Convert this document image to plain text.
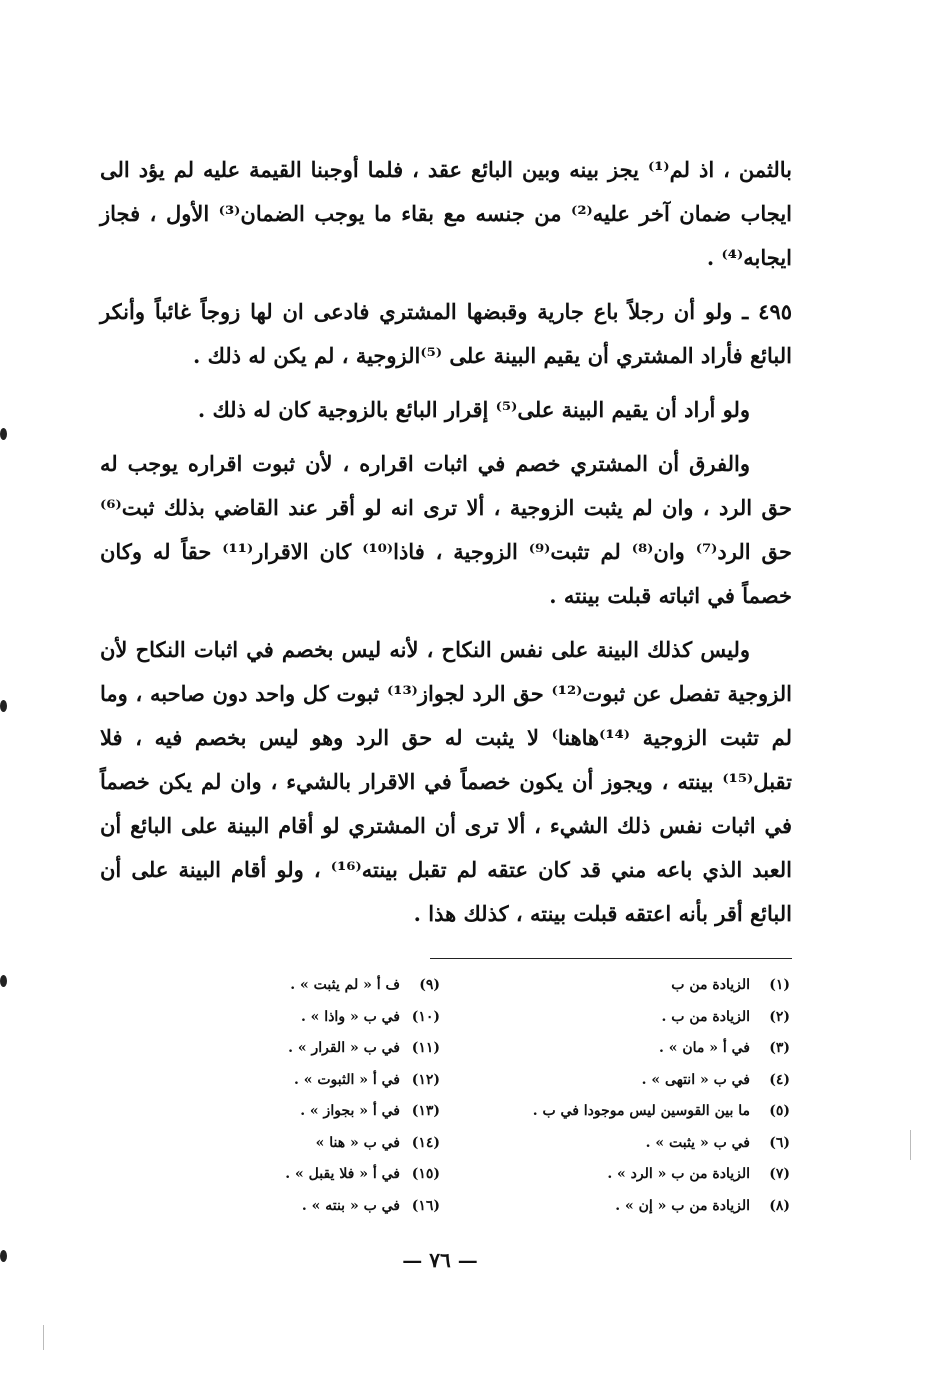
بالثمن ، اذ لم⁽¹⁾ يجز بينه وبين البائع عقد ، فلما أوجبنا القيمة عليه لم يؤد الى ايجاب ضمان آخر عليه⁽²⁾ من جنسه مع بقاء ما يوجب الضمان⁽³⁾ الأول ، فجاز ايجابه⁽⁴⁾ .

٤٩٥ ـ ولو أن رجلاً باع جارية وقبضها المشتري فادعى ان لها زوجاً غائباً وأنكر البائع فأراد المشتري أن يقيم البينة على ⁽⁵⁾الزوجية ، لم يكن له ذلك .

ولو أراد أن يقيم البينة على⁽⁵⁾ إقرار البائع بالزوجية كان له ذلك .

والفرق أن المشتري خصم في اثبات اقراره ، لأن ثبوت اقراره يوجب له حق الرد ، وان لم يثبت الزوجية ، ألا ترى انه لو أقر عند القاضي بذلك ثبت⁽⁶⁾ حق الرد⁽⁷⁾ وان⁽⁸⁾ لم تثبت⁽⁹⁾ الزوجية ، فاذا⁽¹⁰⁾ كان الاقرار⁽¹¹⁾ حقاً له وكان خصماً في اثباته قبلت بينته .

وليس كذلك البينة على نفس النكاح ، لأنه ليس بخصم في اثبات النكاح لأن الزوجية تفصل عن ثبوت⁽¹²⁾ حق الرد لجواز⁽¹³⁾ ثبوت كل واحد دون صاحبه ، وما لم تثبت الزوجية ⁽¹⁴⁾هاهنا⁾ لا يثبت له حق الرد وهو ليس بخصم فيه ، فلا تقبل⁽¹⁵⁾ بينته ، ويجوز أن يكون خصماً في الاقرار بالشيء ، وان لم يكن خصماً في اثبات نفس ذلك الشيء ، ألا ترى أن المشتري لو أقام البينة على البائع أن العبد الذي باعه مني قد كان عتقه لم تقبل بينته⁽¹⁶⁾ ، ولو أقام البينة على أن البائع أقر بأنه اعتقه قبلت بينته ، كذلك هذا .

(١)الزيادة من ب
(٢)الزيادة من ب .
(٣)في أ « مان » .
(٤)في ب « انتهى » .
(٥)ما بين القوسين ليس موجودا في ب .
(٦)في ب « يثبت » .
(٧)الزيادة من ب « الرد » .
(٨)الزيادة من ب « إن » .
(٩)ف أ « لم يثبت » .
(١٠)في ب « واذا » .
(١١)في ب « القرار » .
(١٢)في أ « الثبوت » .
(١٣)في أ « بجواز » .
(١٤)في ب « هنا »
(١٥)في أ « فلا يقبل » .
(١٦)في ب « بنته » .
— ٧٦ —
